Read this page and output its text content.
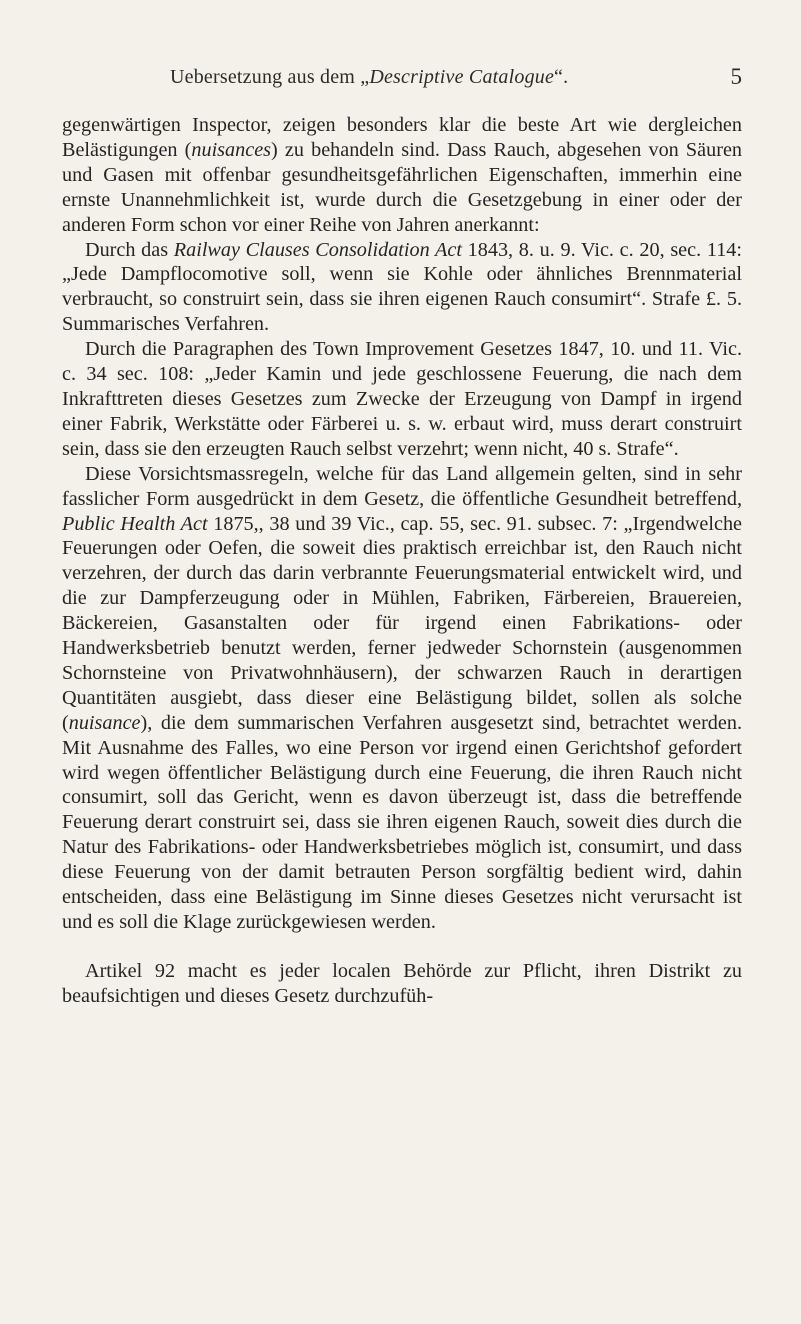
Uebersetzung aus dem „Descriptive Catalogue“.	5

gegenwärtigen Inspector, zeigen besonders klar die beste Art wie dergleichen Belästigungen (nuisances) zu behandeln sind. Dass Rauch, abgesehen von Säuren und Gasen mit offenbar gesundheitsgefährlichen Eigenschaften, immerhin eine ernste Unannehmlichkeit ist, wurde durch die Gesetzgebung in einer oder der anderen Form schon vor einer Reihe von Jahren anerkannt:

Durch das Railway Clauses Consolidation Act 1843, 8. u. 9. Vic. c. 20, sec. 114: „Jede Dampflocomotive soll, wenn sie Kohle oder ähnliches Brennmaterial verbraucht, so construirt sein, dass sie ihren eigenen Rauch consumirt“. Strafe £. 5. Summarisches Verfahren.

Durch die Paragraphen des Town Improvement Gesetzes 1847, 10. und 11. Vic. c. 34 sec. 108: „Jeder Kamin und jede geschlossene Feuerung, die nach dem Inkrafttreten dieses Gesetzes zum Zwecke der Erzeugung von Dampf in irgend einer Fabrik, Werkstätte oder Färberei u. s. w. erbaut wird, muss derart construirt sein, dass sie den erzeugten Rauch selbst verzehrt; wenn nicht, 40 s. Strafe“.

Diese Vorsichtsmassregeln, welche für das Land allgemein gelten, sind in sehr fasslicher Form ausgedrückt in dem Gesetz, die öffentliche Gesundheit betreffend, Public Health Act 1875,, 38 und 39 Vic., cap. 55, sec. 91. subsec. 7: „Irgendwelche Feuerungen oder Oefen, die soweit dies praktisch erreichbar ist, den Rauch nicht verzehren, der durch das darin verbrannte Feuerungsmaterial entwickelt wird, und die zur Dampferzeugung oder in Mühlen, Fabriken, Färbereien, Brauereien, Bäckereien, Gasanstalten oder für irgend einen Fabrikations- oder Handwerksbetrieb benutzt werden, ferner jedweder Schornstein (ausgenommen Schornsteine von Privatwohnhäusern), der schwarzen Rauch in derartigen Quantitäten ausgiebt, dass dieser eine Belästigung bildet, sollen als solche (nuisance), die dem summarischen Verfahren ausgesetzt sind, betrachtet werden. Mit Ausnahme des Falles, wo eine Person vor irgend einen Gerichtshof gefordert wird wegen öffentlicher Belästigung durch eine Feuerung, die ihren Rauch nicht consumirt, soll das Gericht, wenn es davon überzeugt ist, dass die betreffende Feuerung derart construirt sei, dass sie ihren eigenen Rauch, soweit dies durch die Natur des Fabrikations- oder Handwerksbetriebes möglich ist, consumirt, und dass diese Feuerung von der damit betrauten Person sorgfältig bedient wird, dahin entscheiden, dass eine Belästigung im Sinne dieses Gesetzes nicht verursacht ist und es soll die Klage zurückgewiesen werden.

Artikel 92 macht es jeder localen Behörde zur Pflicht, ihren Distrikt zu beaufsichtigen und dieses Gesetz durchzufüh-
